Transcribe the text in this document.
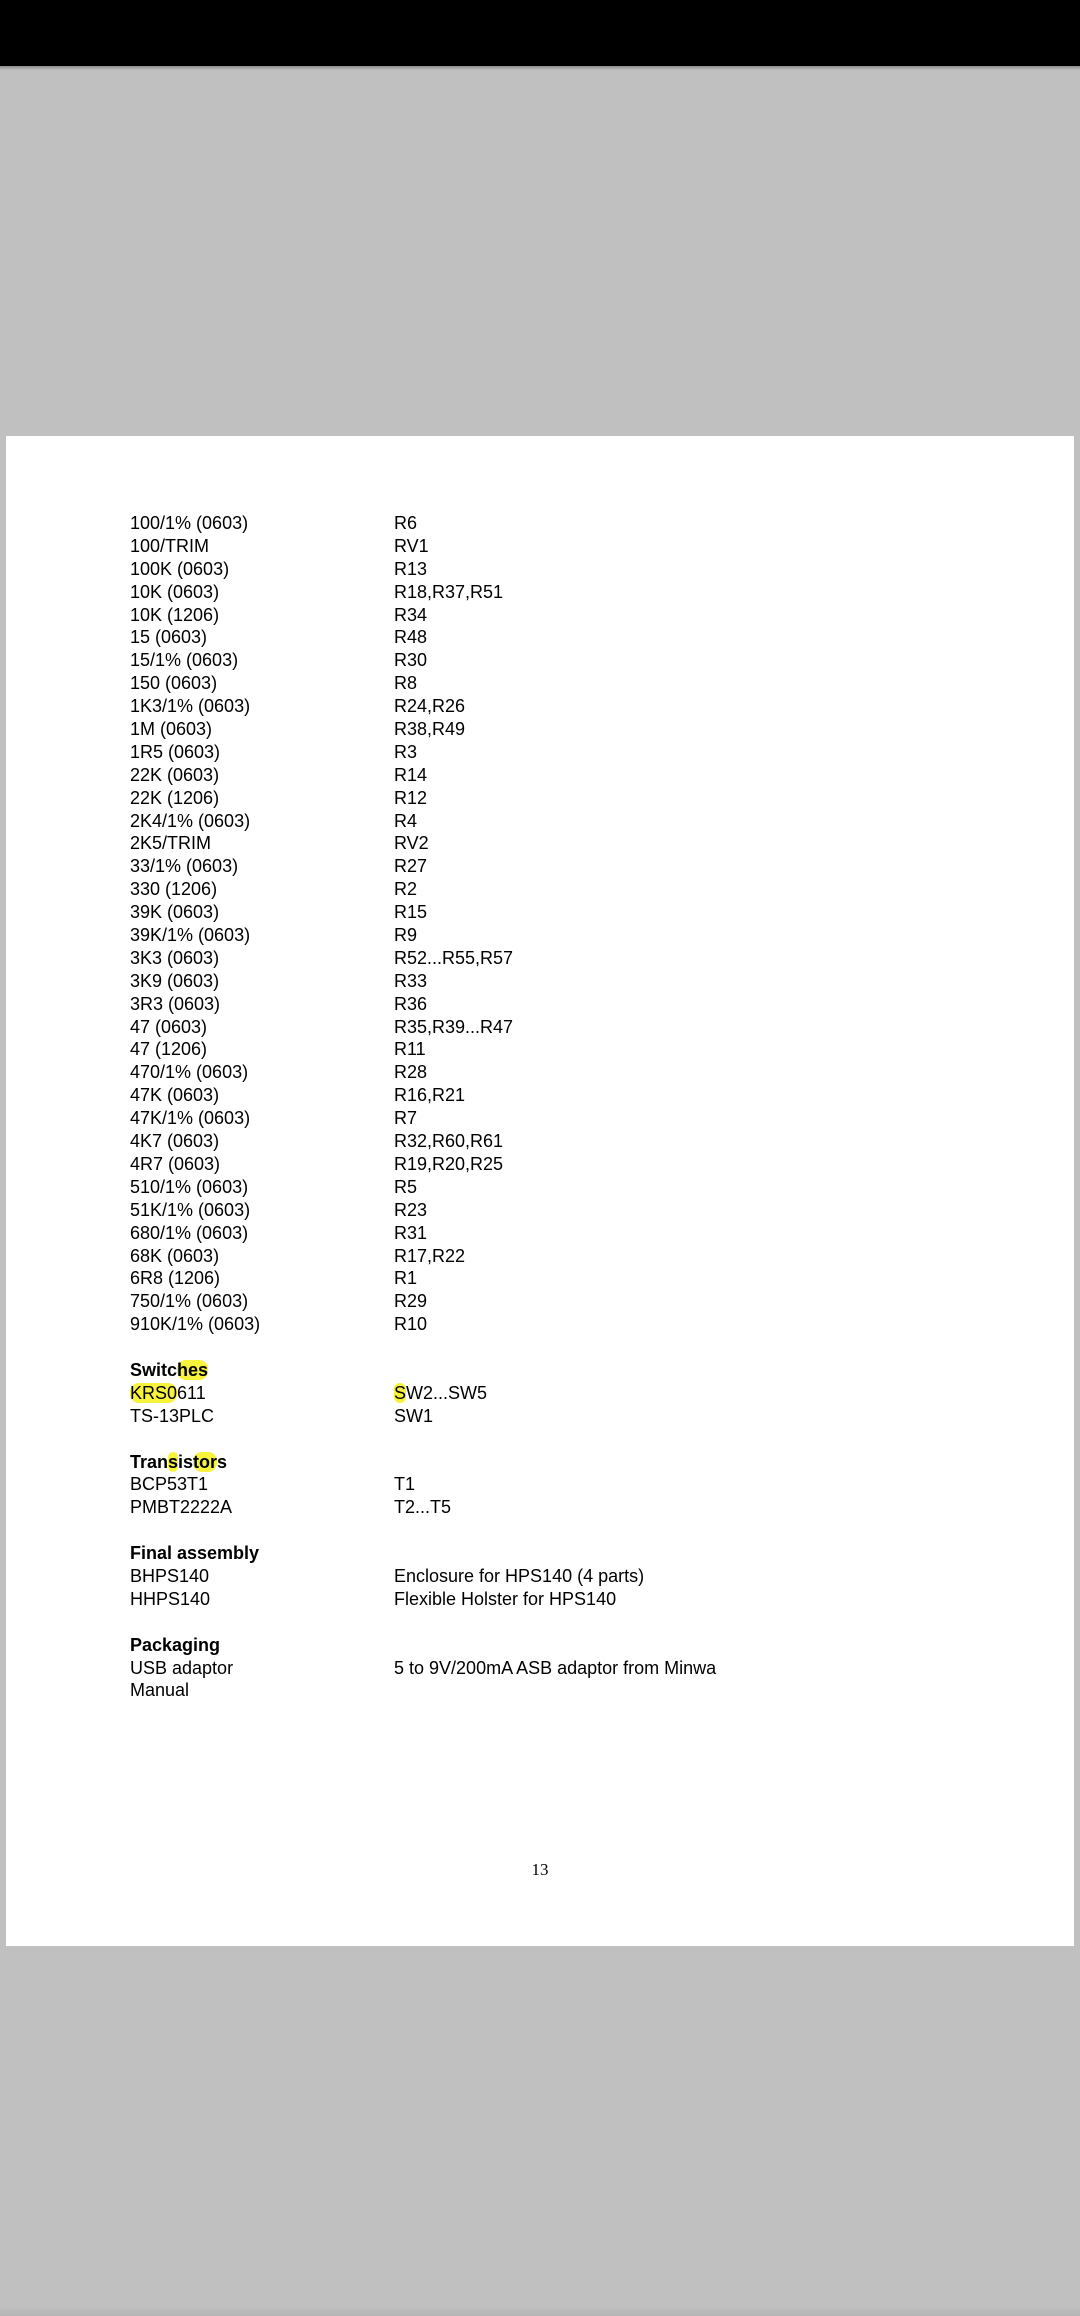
100/1% (0603)	R6
100/TRIM	RV1
100K (0603)	R13
10K (0603)	R18,R37,R51
10K (1206)	R34
15 (0603)	R48
15/1% (0603)	R30
150 (0603)	R8
1K3/1% (0603)	R24,R26
1M (0603)	R38,R49
1R5 (0603)	R3
22K (0603)	R14
22K (1206)	R12
2K4/1% (0603)	R4
2K5/TRIM	RV2
33/1% (0603)	R27
330 (1206)	R2
39K (0603)	R15
39K/1% (0603)	R9
3K3 (0603)	R52...R55,R57
3K9 (0603)	R33
3R3 (0603)	R36
47 (0603)	R35,R39...R47
47 (1206)	R11
470/1% (0603)	R28
47K (0603)	R16,R21
47K/1% (0603)	R7
4K7 (0603)	R32,R60,R61
4R7 (0603)	R19,R20,R25
510/1% (0603)	R5
51K/1% (0603)	R23
680/1% (0603)	R31
68K (0603)	R17,R22
6R8 (1206)	R1
750/1% (0603)	R29
910K/1% (0603)	R10
Switches
KRS0611	SW2...SW5
TS-13PLC	SW1
Transistors
BCP53T1	T1
PMBT2222A	T2...T5
Final assembly
BHPS140	Enclosure for HPS140 (4 parts)
HHPS140	Flexible Holster for HPS140
Packaging
USB adaptor	5 to 9V/200mA ASB adaptor from Minwa
Manual
13
